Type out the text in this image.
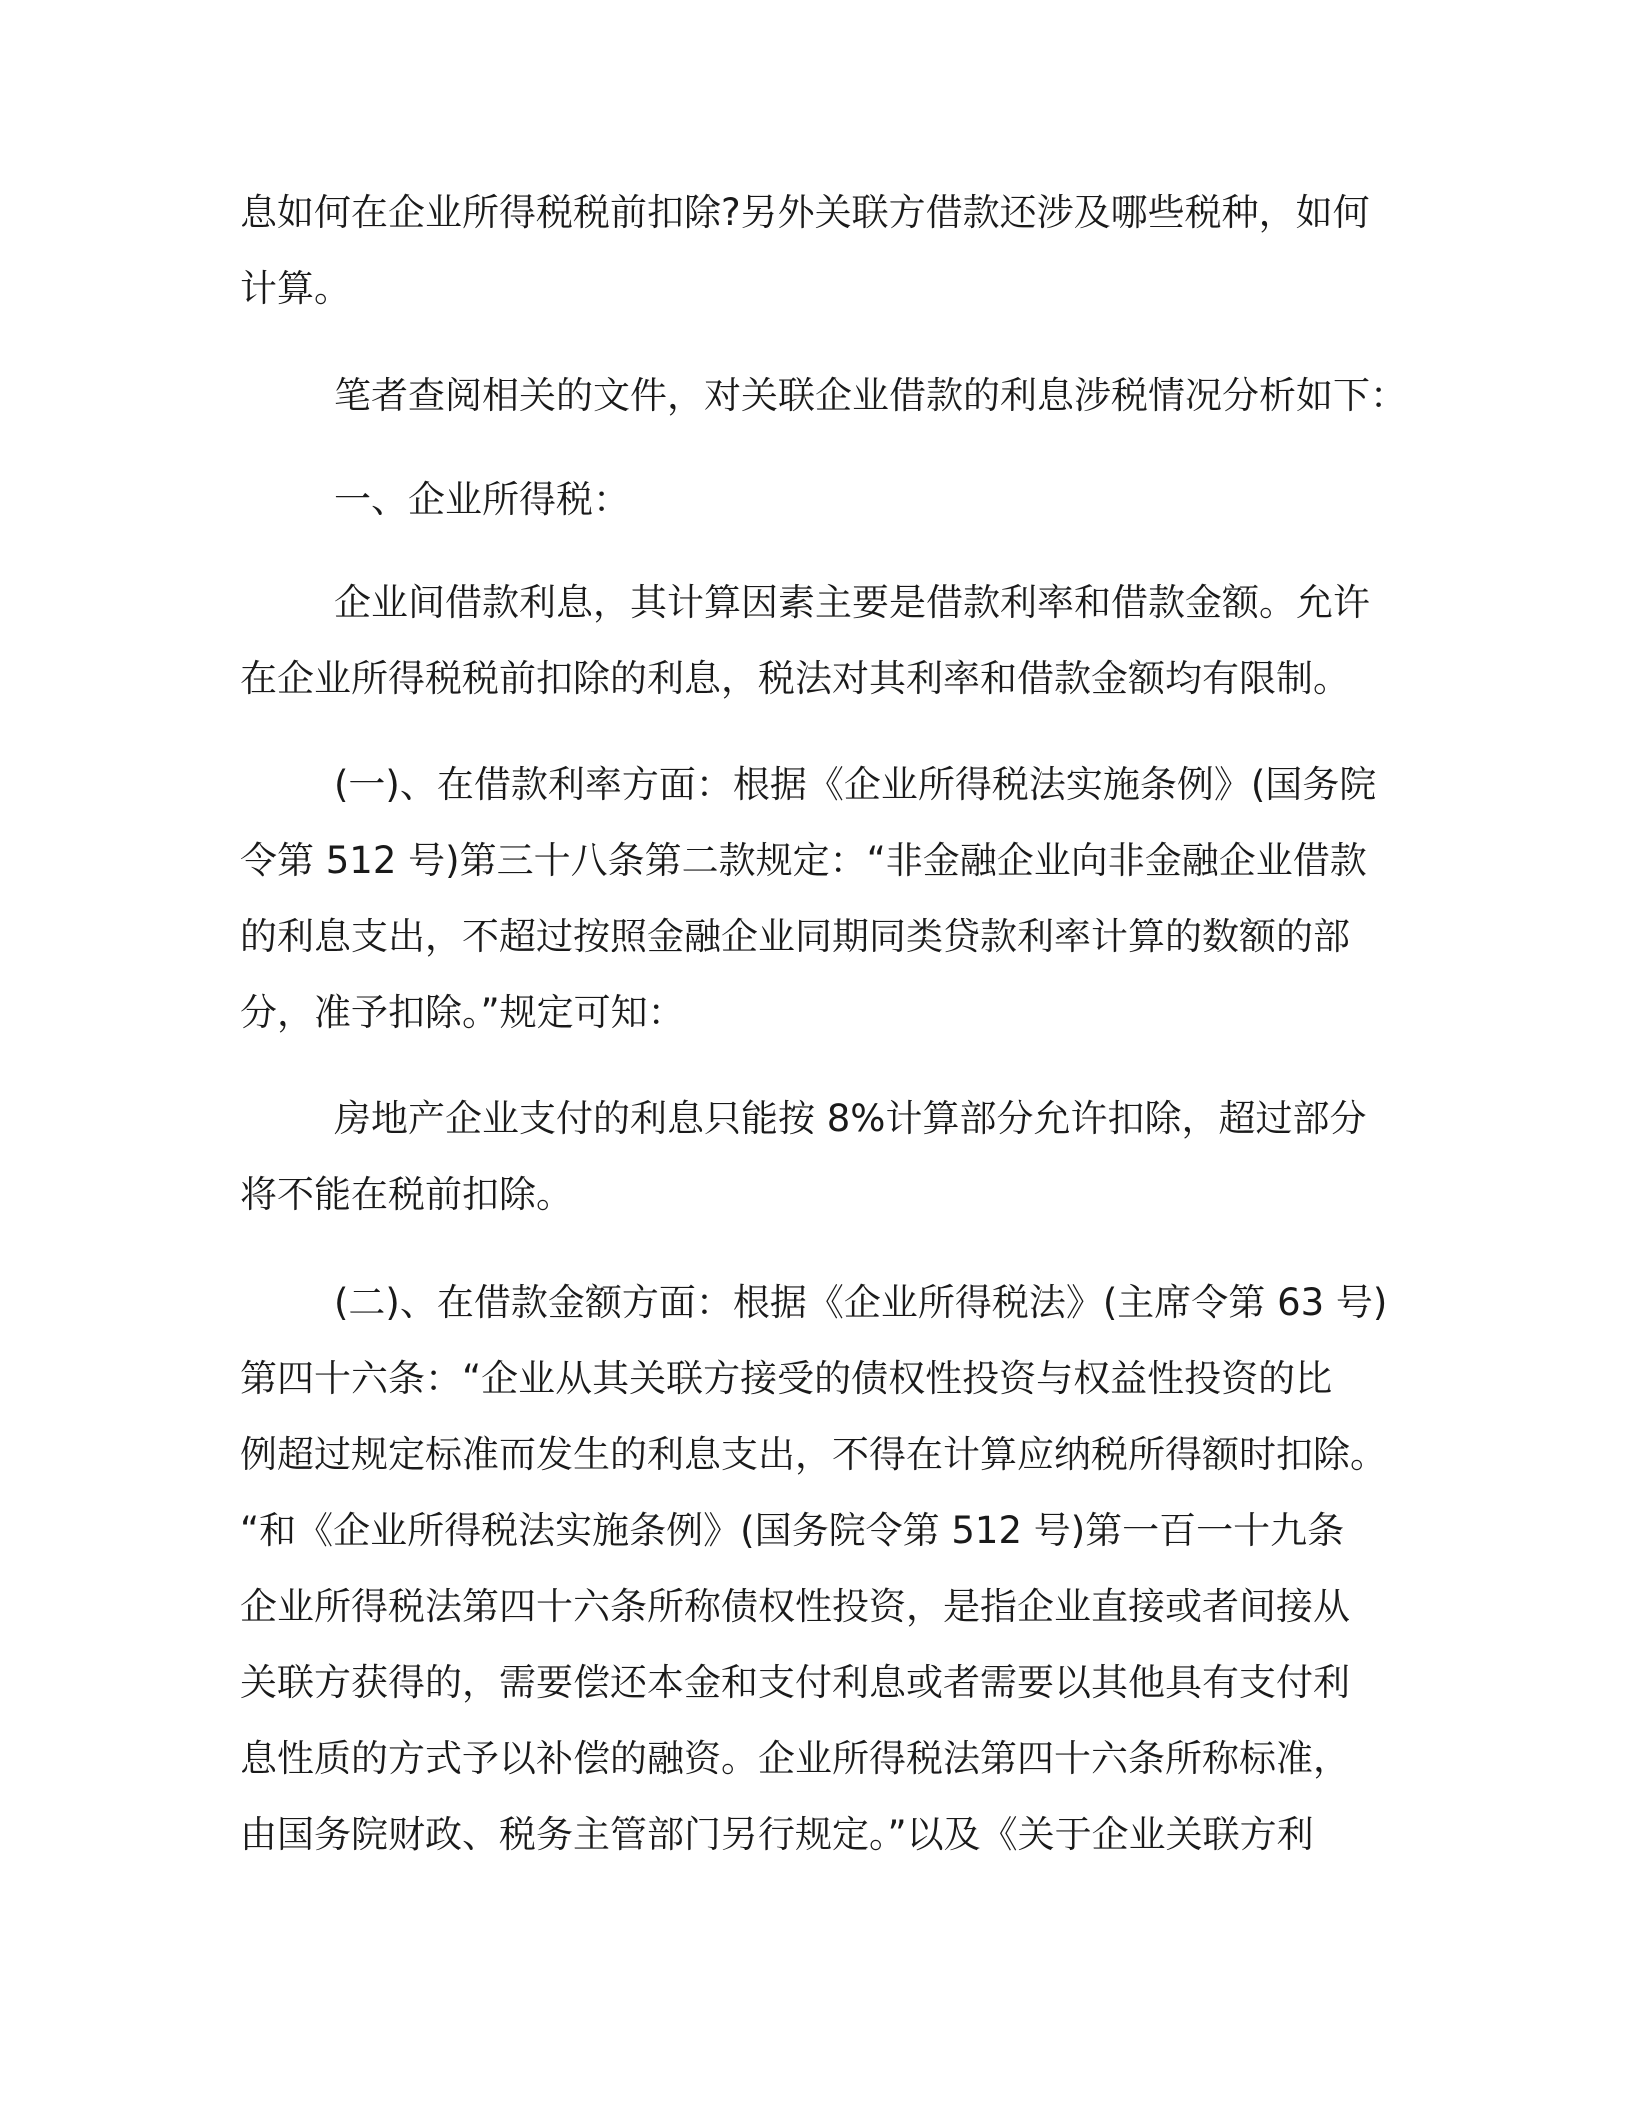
息如何在企业所得税税前扣除?另外关联方借款还涉及哪些税种，如何
计算。
笔者查阅相关的文件，对关联企业借款的利息涉税情况分析如下：
一、企业所得税：
企业间借款利息，其计算因素主要是借款利率和借款金额。允许
在企业所得税税前扣除的利息，税法对其利率和借款金额均有限制。
(一)、在借款利率方面：根据《企业所得税法实施条例》(国务院
令第 512 号)第三十八条第二款规定：“非金融企业向非金融企业借款
的利息支出，不超过按照金融企业同期同类贷款利率计算的数额的部
分，准予扣除。”规定可知：
房地产企业支付的利息只能按 8%计算部分允许扣除，超过部分
将不能在税前扣除。
(二)、在借款金额方面：根据《企业所得税法》(主席令第 63 号)
第四十六条：“企业从其关联方接受的债权性投资与权益性投资的比
例超过规定标准而发生的利息支出，不得在计算应纳税所得额时扣除。
“和《企业所得税法实施条例》(国务院令第 512 号)第一百一十九条
企业所得税法第四十六条所称债权性投资，是指企业直接或者间接从
关联方获得的，需要偿还本金和支付利息或者需要以其他具有支付利
息性质的方式予以补偿的融资。企业所得税法第四十六条所称标准，
由国务院财政、税务主管部门另行规定。”以及《关于企业关联方利
